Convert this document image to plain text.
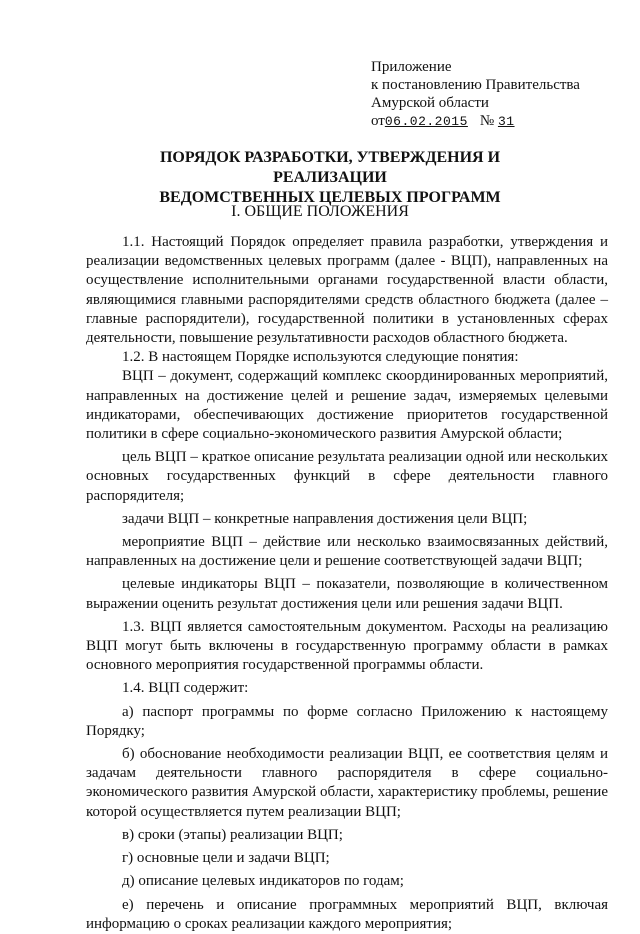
Приложение
к постановлению Правительства
Амурской области
от06.02.2015 № 31
ПОРЯДОК РАЗРАБОТКИ, УТВЕРЖДЕНИЯ И РЕАЛИЗАЦИИ
ВЕДОМСТВЕННЫХ ЦЕЛЕВЫХ ПРОГРАММ
I. ОБЩИЕ ПОЛОЖЕНИЯ

1.1. Настоящий Порядок определяет правила разработки, утверждения и реализации ведомственных целевых программ (далее - ВЦП), направленных на осуществление исполнительными органами государственной власти области, являющимися главными распорядителями средств областного бюджета (далее – главные распорядители), государственной политики в установленных сферах деятельности, повышение результативности расходов областного бюджета.

1.2. В настоящем Порядке используются следующие понятия:

ВЦП – документ, содержащий комплекс скоординированных мероприятий, направленных на достижение целей и решение задач, измеряемых целевыми индикаторами, обеспечивающих достижение приоритетов государственной политики в сфере социально-экономического развития Амурской области;

цель ВЦП – краткое описание результата реализации одной или нескольких основных государственных функций в сфере деятельности главного распорядителя;

задачи ВЦП – конкретные направления достижения цели ВЦП;

мероприятие ВЦП – действие или несколько взаимосвязанных действий, направленных на достижение цели и решение соответствующей задачи ВЦП;

целевые индикаторы ВЦП – показатели, позволяющие в количественном выражении оценить результат достижения цели или решения задачи ВЦП.

1.3. ВЦП является самостоятельным документом. Расходы на реализацию ВЦП могут быть включены в государственную программу области в рамках основного мероприятия государственной программы области.

1.4. ВЦП содержит:

а) паспорт программы по форме согласно Приложению к настоящему Порядку;

б) обоснование необходимости реализации ВЦП, ее соответствия целям и задачам деятельности главного распорядителя в сфере социально-экономического развития Амурской области, характеристику проблемы, решение которой осуществляется путем реализации ВЦП;

в) сроки (этапы) реализации ВЦП;

г) основные цели и задачи ВЦП;

д) описание целевых индикаторов по годам;

е) перечень и описание программных мероприятий ВЦП, включая информацию о сроках реализации каждого мероприятия;
